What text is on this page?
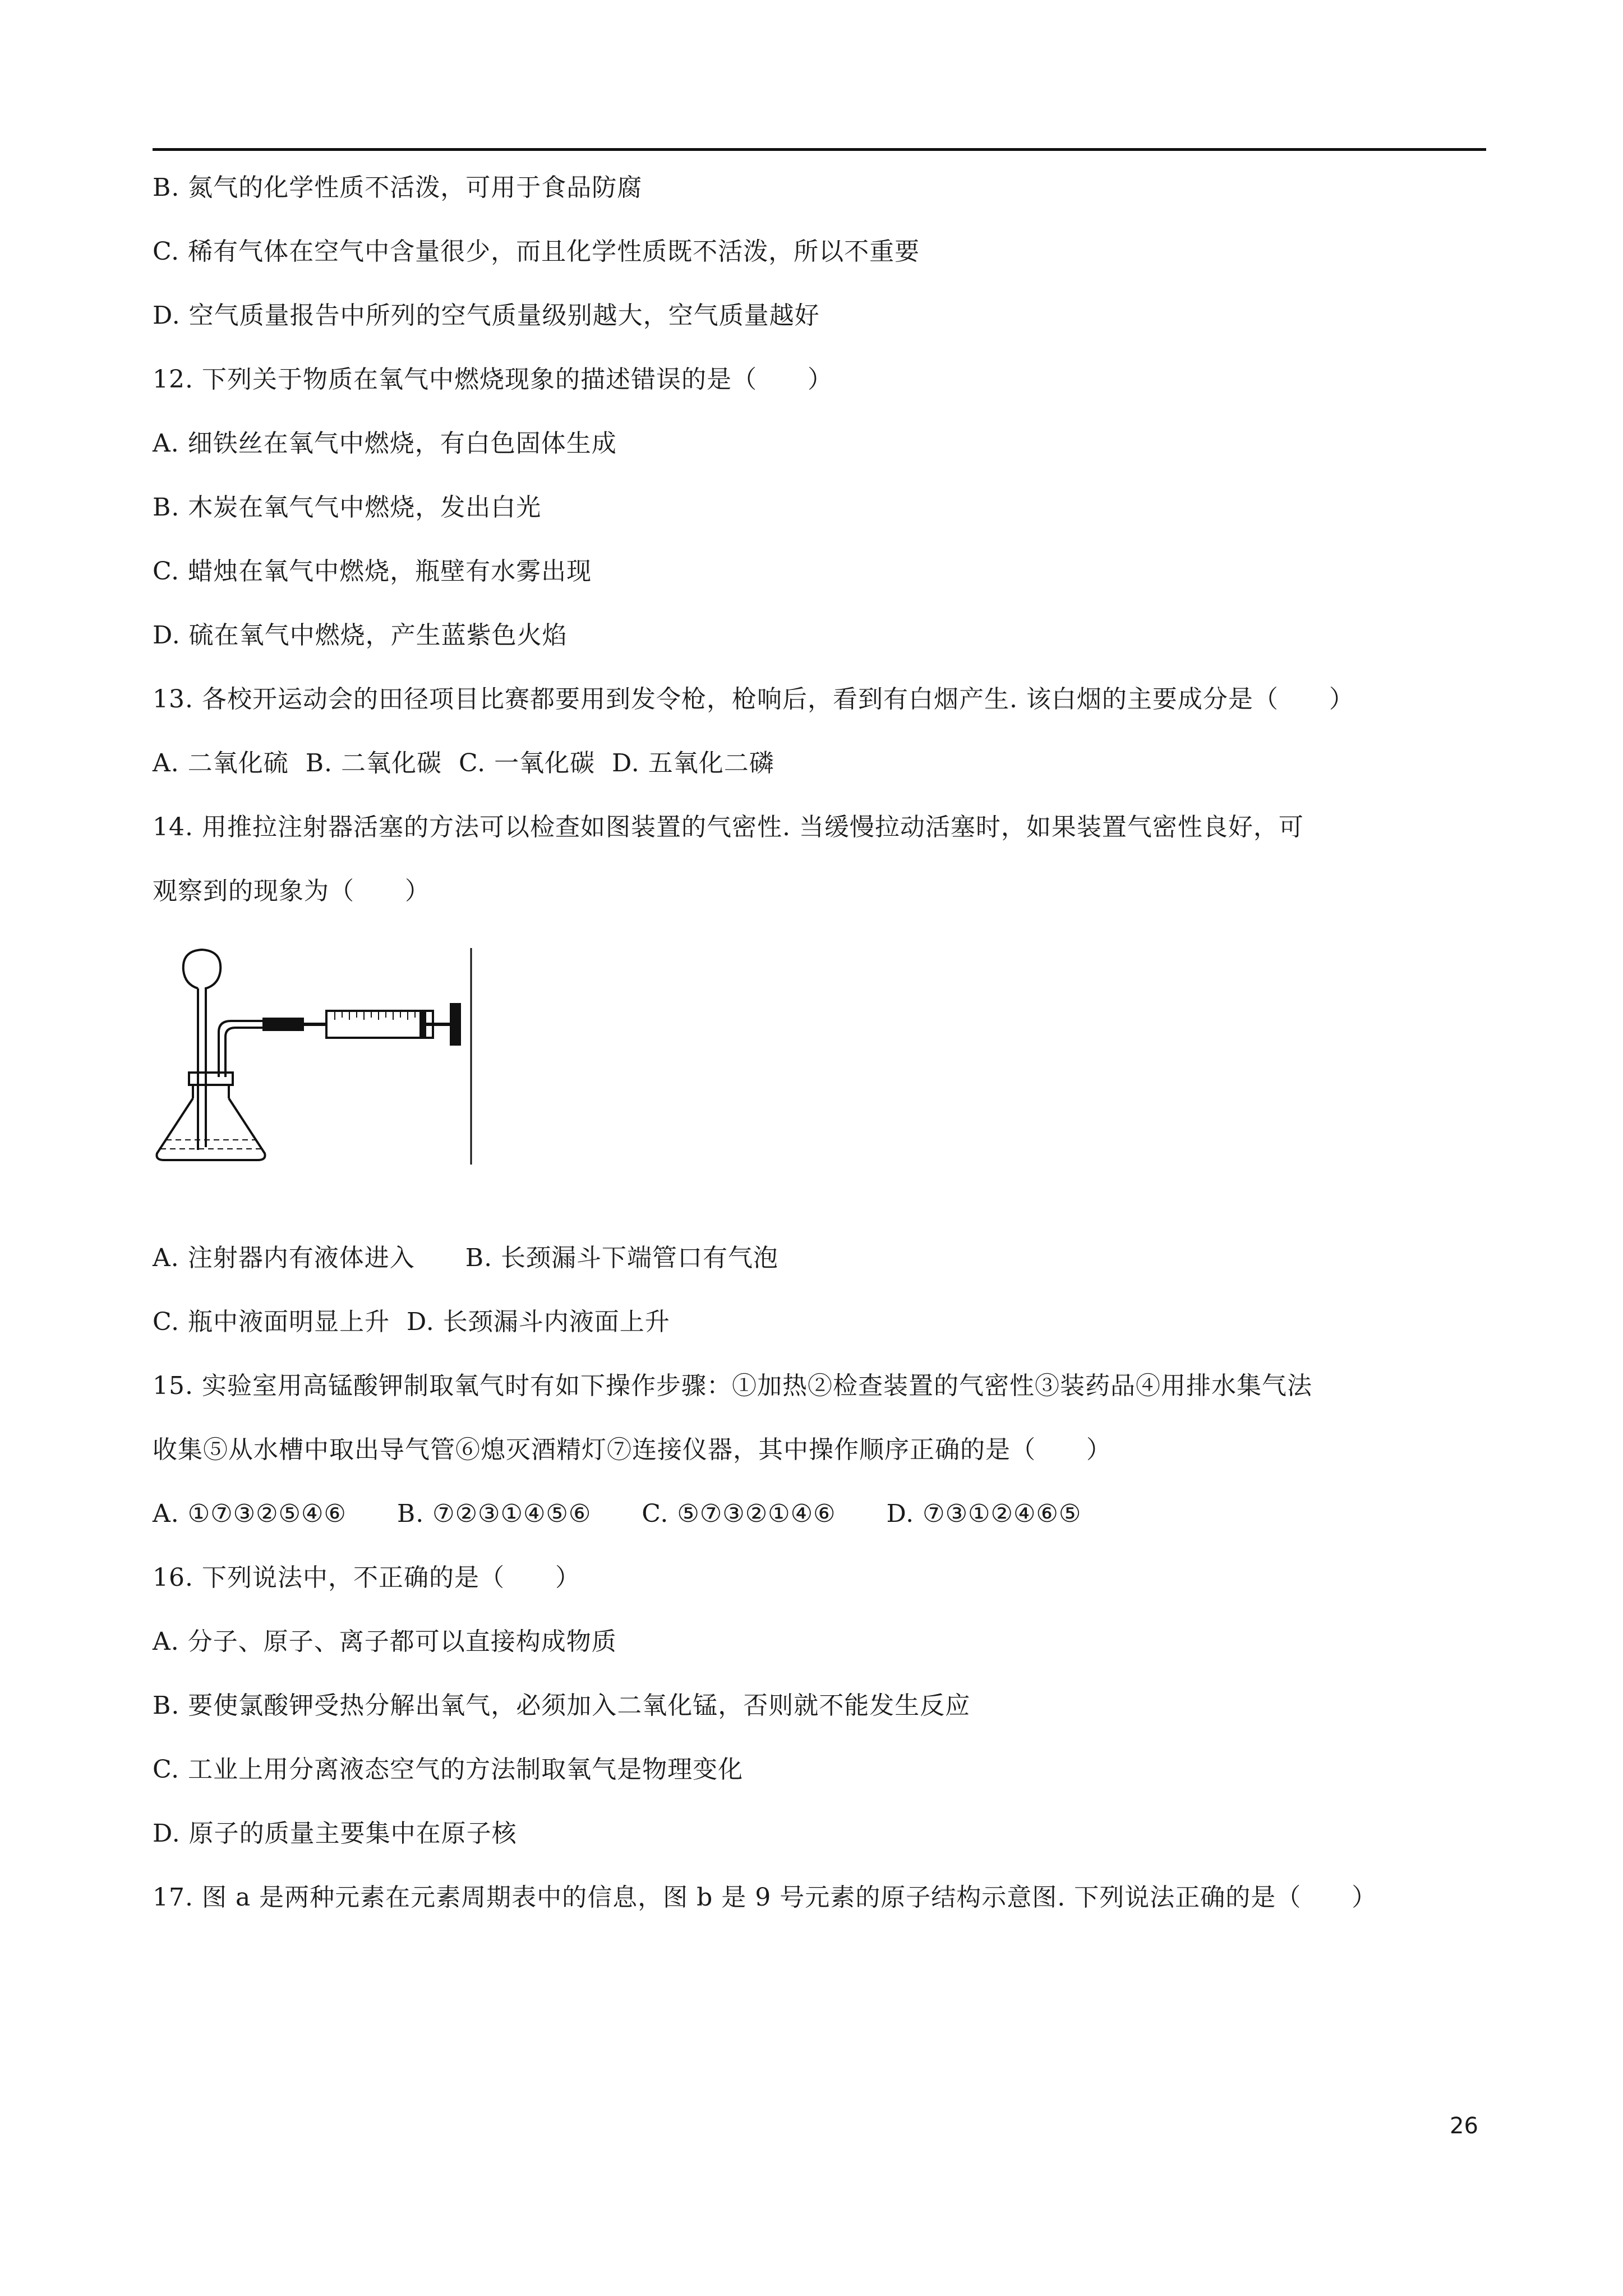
B. 氮气的化学性质不活泼，可用于食品防腐

C. 稀有气体在空气中含量很少，而且化学性质既不活泼，所以不重要

D. 空气质量报告中所列的空气质量级别越大，空气质量越好

12. 下列关于物质在氧气中燃烧现象的描述错误的是（　　）

A. 细铁丝在氧气中燃烧，有白色固体生成

B. 木炭在氧气气中燃烧，发出白光

C. 蜡烛在氧气中燃烧，瓶壁有水雾出现

D. 硫在氧气中燃烧，产生蓝紫色火焰

13. 各校开运动会的田径项目比赛都要用到发令枪，枪响后，看到有白烟产生. 该白烟的主要成分是（　　）

A. 二氧化硫  B. 二氧化碳  C. 一氧化碳  D. 五氧化二磷

14. 用推拉注射器活塞的方法可以检查如图装置的气密性. 当缓慢拉动活塞时，如果装置气密性良好，可

观察到的现象为（　　）

A. 注射器内有液体进入　　B. 长颈漏斗下端管口有气泡

C. 瓶中液面明显上升  D. 长颈漏斗内液面上升

15. 实验室用高锰酸钾制取氧气时有如下操作步骤：①加热②检查装置的气密性③装药品④用排水集气法

收集⑤从水槽中取出导气管⑥熄灭酒精灯⑦连接仪器，其中操作顺序正确的是（　　）

A. ①⑦③②⑤④⑥　　B. ⑦②③①④⑤⑥　　C. ⑤⑦③②①④⑥　　D. ⑦③①②④⑥⑤

16. 下列说法中，不正确的是（　　）

A. 分子、原子、离子都可以直接构成物质

B. 要使氯酸钾受热分解出氧气，必须加入二氧化锰，否则就不能发生反应

C. 工业上用分离液态空气的方法制取氧气是物理变化

D. 原子的质量主要集中在原子核

17. 图 a 是两种元素在元素周期表中的信息，图 b 是 9 号元素的原子结构示意图. 下列说法正确的是（　　）

26
